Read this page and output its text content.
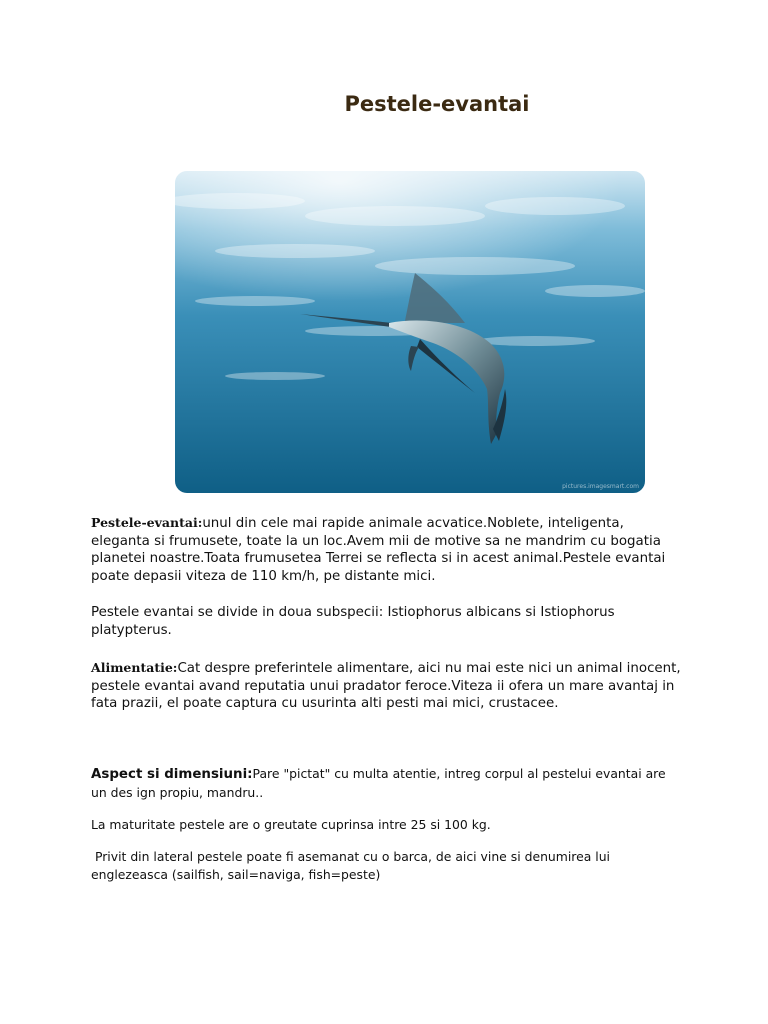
Pestele-evantai
pictures.imagesmart.com

Pestele-evantai:unul din cele mai rapide animale acvatice.Noblete, inteligenta, eleganta si frumusete, toate la un loc.Avem mii de motive sa ne mandrim cu bogatia planetei noastre.Toata frumusetea Terrei se reflecta si in acest animal.Pestele evantai poate depasii viteza de 110 km/h, pe distante mici.

Pestele evantai se divide in doua subspecii: Istiophorus albicans si Istiophorus platypterus.

Alimentatie:Cat despre preferintele alimentare, aici nu mai este nici un animal inocent, pestele evantai avand reputatia unui pradator feroce.Viteza ii ofera un mare avantaj in fata prazii, el poate captura cu usurinta alti pesti mai mici, crustacee.

Aspect si dimensiuni:Pare "pictat" cu multa atentie, intreg corpul al pestelui evantai are un des ign propiu, mandru..

La maturitate pestele are o greutate cuprinsa intre 25 si 100 kg.

Privit din lateral pestele poate fi asemanat cu o barca, de aici vine si denumirea lui englezeasca (sailfish, sail=naviga, fish=peste)
